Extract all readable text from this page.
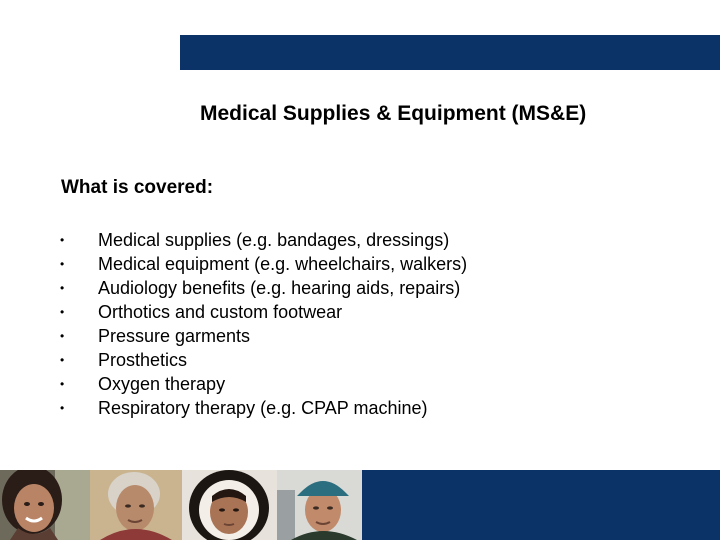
Medical Supplies & Equipment (MS&E)
What is covered:
•	Medical supplies (e.g. bandages, dressings)
•	Medical equipment (e.g. wheelchairs, walkers)
•	Audiology benefits (e.g. hearing aids, repairs)
•	Orthotics and custom footwear
•	Pressure garments
•	Prosthetics
•	Oxygen therapy
•	Respiratory therapy (e.g. CPAP machine)
